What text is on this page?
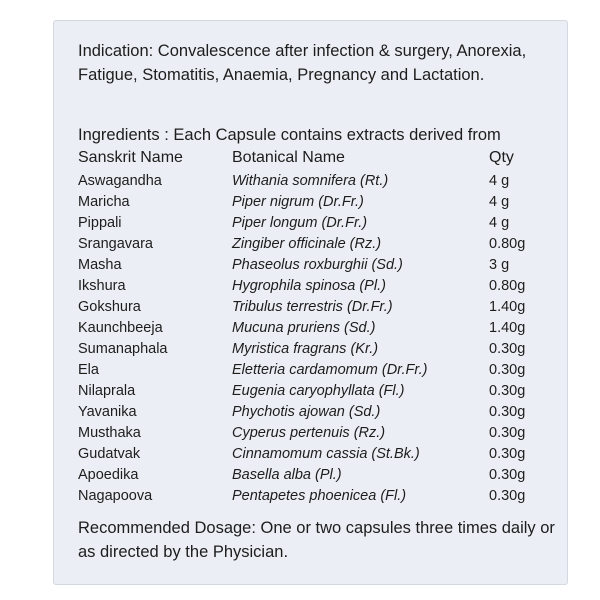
Indication: Convalescence after infection & surgery, Anorexia, Fatigue, Stomatitis, Anaemia, Pregnancy and Lactation.
Ingredients : Each Capsule contains extracts derived from
Sanskrit Name	Botanical Name	Qty
Aswagandha	Withania somnifera (Rt.)	4 g
Maricha	Piper nigrum (Dr.Fr.)	4 g
Pippali	Piper longum (Dr.Fr.)	4 g
Srangavara	Zingiber officinale (Rz.)	0.80g
Masha	Phaseolus roxburghii (Sd.)	3 g
Ikshura	Hygrophila spinosa (Pl.)	0.80g
Gokshura	Tribulus terrestris (Dr.Fr.)	1.40g
Kaunchbeeja	Mucuna pruriens (Sd.)	1.40g
Sumanaphala	Myristica fragrans (Kr.)	0.30g
Ela	Eletteria cardamomum (Dr.Fr.)	0.30g
Nilaprala	Eugenia caryophyllata (Fl.)	0.30g
Yavanika	Phychotis ajowan (Sd.)	0.30g
Musthaka	Cyperus pertenuis (Rz.)	0.30g
Gudatvak	Cinnamomum cassia (St.Bk.)	0.30g
Apoedika	Basella alba (Pl.)	0.30g
Nagapoova	Pentapetes phoenicea (Fl.)	0.30g
Recommended Dosage: One or two capsules three times daily or as directed by the Physician.
